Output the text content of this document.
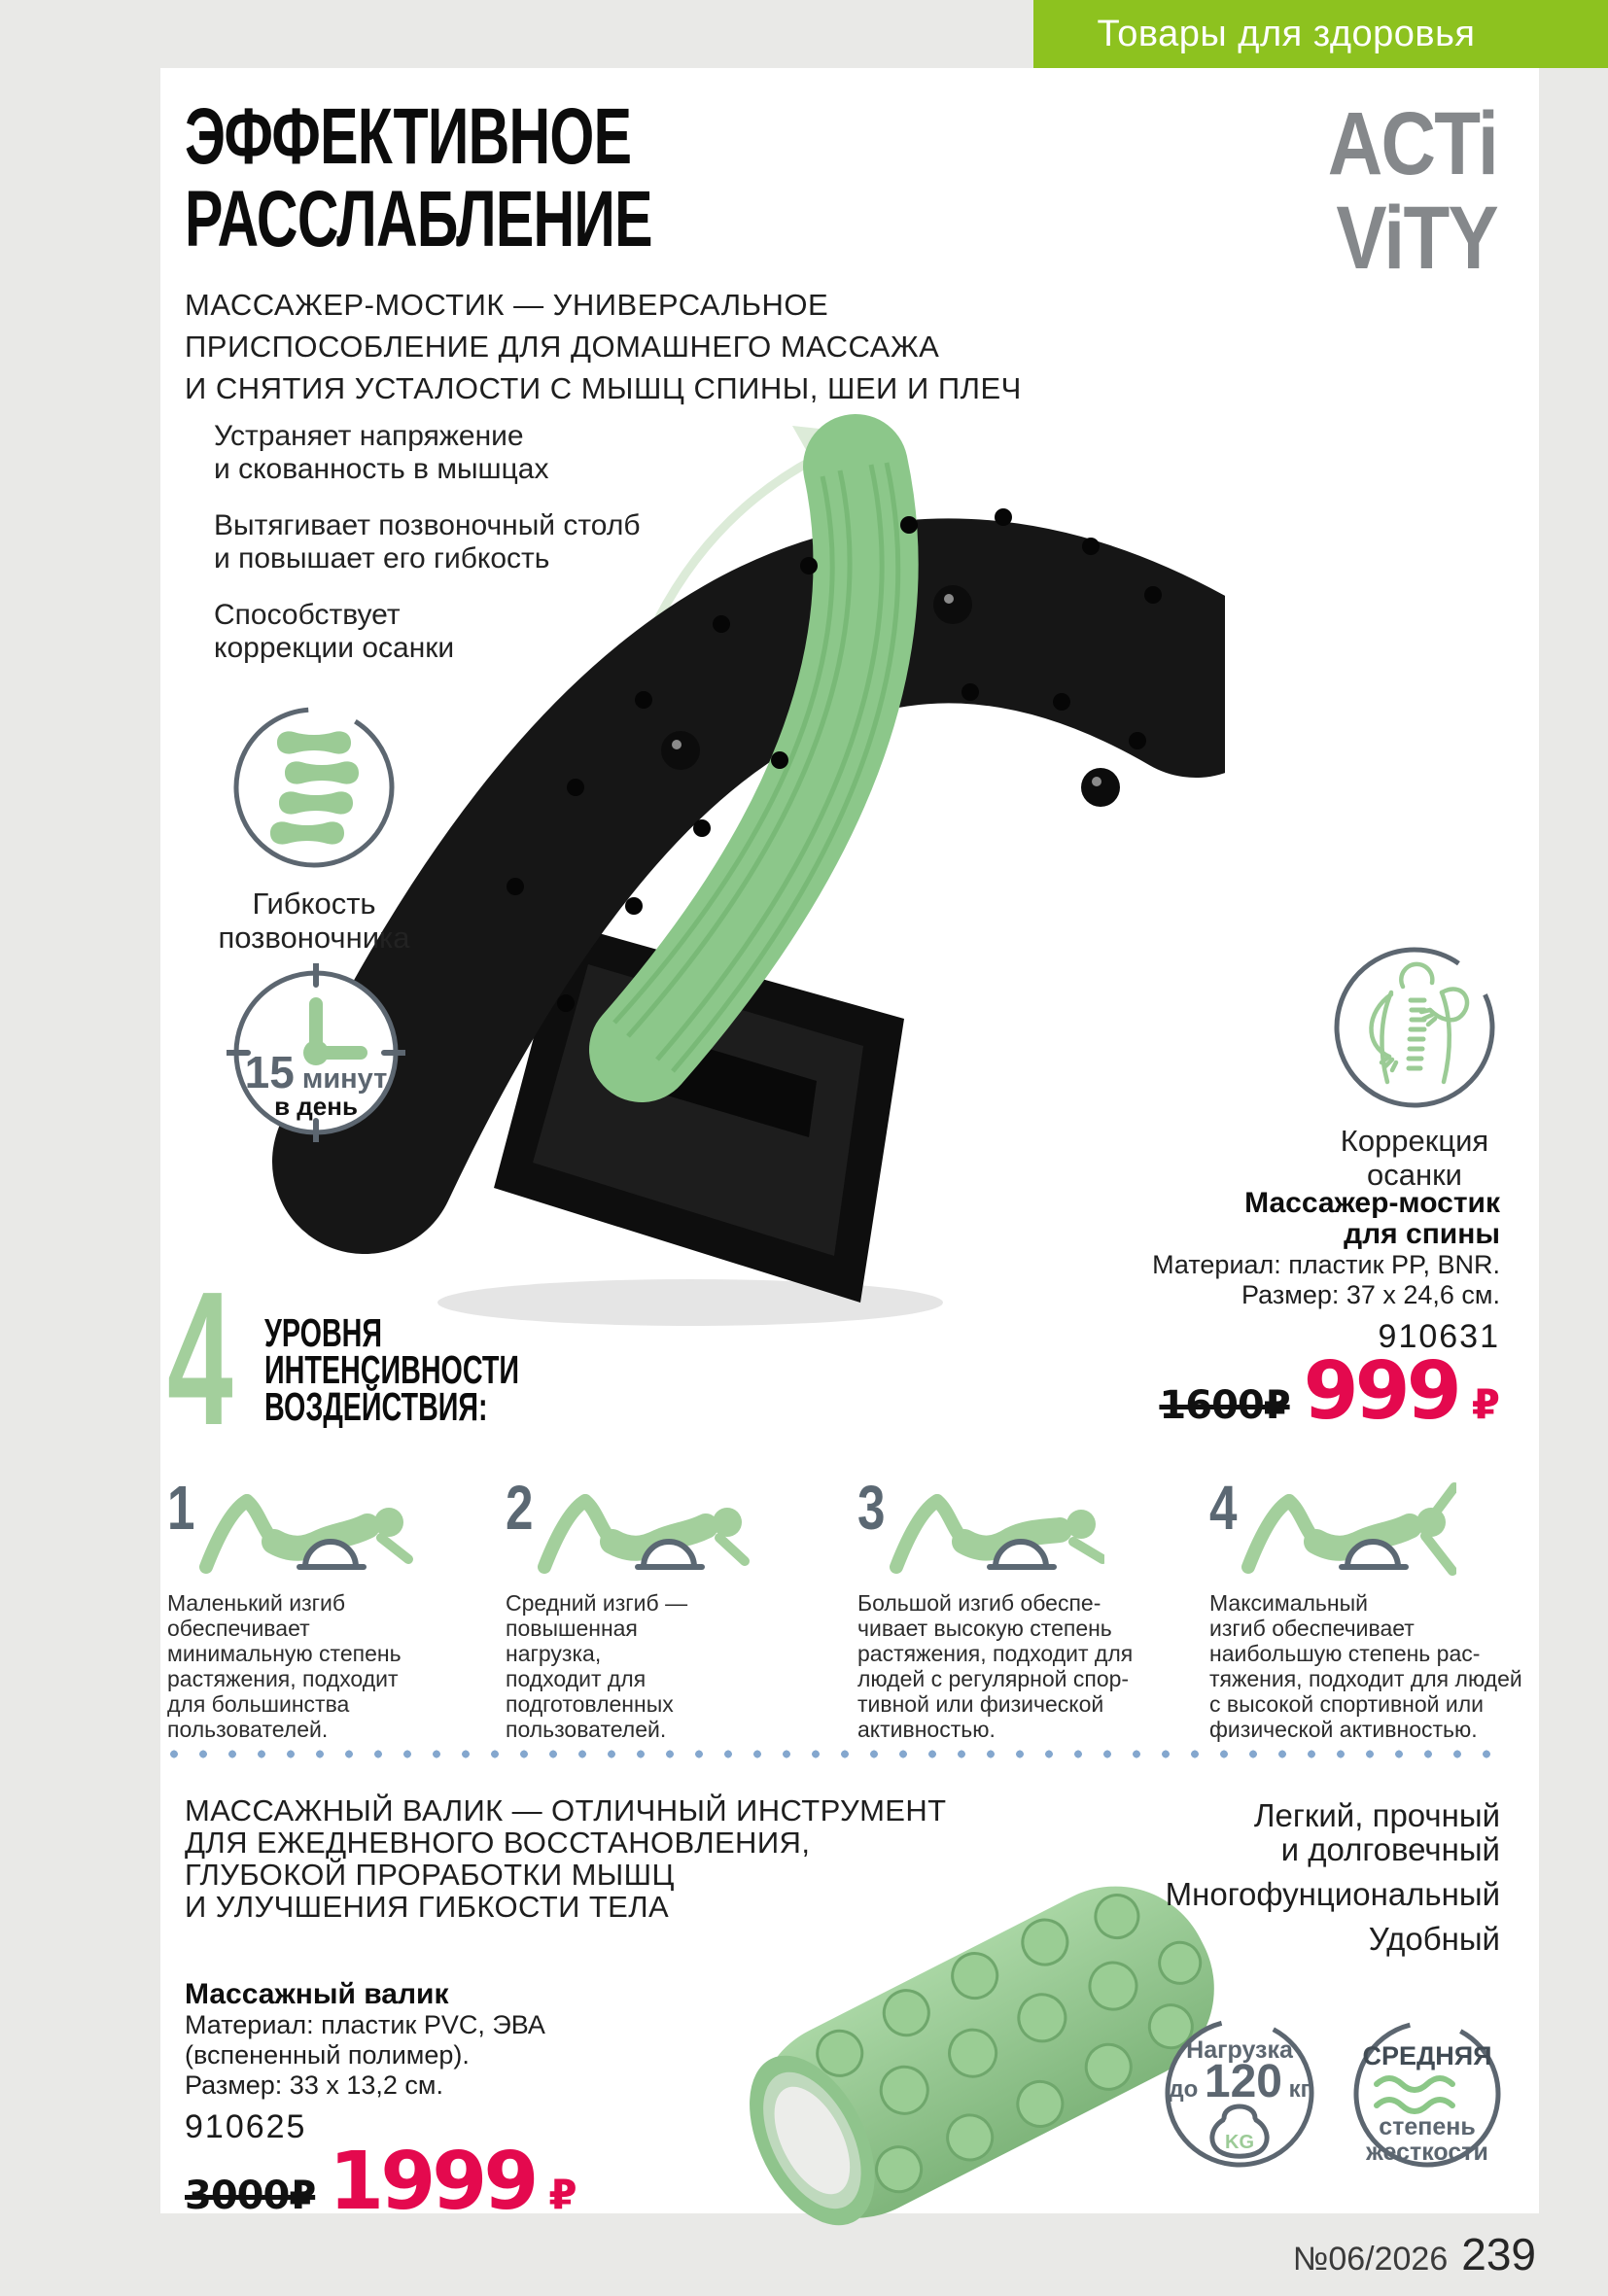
Товары для здоровья
ACTi
ViTY
ЭФФЕКТИВНОЕ
РАССЛАБЛЕНИЕ
МАССАЖЕР-МОСТИК — УНИВЕРСАЛЬНОЕ
ПРИСПОСОБЛЕНИЕ ДЛЯ ДОМАШНЕГО МАССАЖА
И СНЯТИЯ УСТАЛОСТИ С МЫШЦ СПИНЫ, ШЕИ И ПЛЕЧ

Устраняет напряжение
и скованность в мышцах

Вытягивает позвоночный столб
и повышает его гибкость

Способствует
коррекции осанки

Гибкость
позвоночника
15 минут
в день
Коррекция
осанки
Массажер-мостик
для спины
Материал: пластик PP, BNR.
Размер: 37 х 24,6 см.
910631
1600₽ 999 ₽
4 УРОВНЯ
ИНТЕНСИВНОСТИ
ВОЗДЕЙСТВИЯ:
1
Маленький изгиб
обеспечивает
минимальную степень
растяжения, подходит
для большинства
пользователей.
2
Средний изгиб —
повышенная
нагрузка,
подходит для
подготовленных
пользователей.
3
Большой изгиб обеспе-
чивает высокую степень
растяжения, подходит для
людей с регулярной спор-
тивной или физической
активностью.
4
Максимальный
изгиб обеспечивает
наибольшую степень рас-
тяжения, подходит для людей
с высокой спортивной или
физической активностью.
МАССАЖНЫЙ ВАЛИК — ОТЛИЧНЫЙ ИНСТРУМЕНТ
ДЛЯ ЕЖЕДНЕВНОГО ВОССТАНОВЛЕНИЯ,
ГЛУБОКОЙ ПРОРАБОТКИ МЫШЦ
И УЛУЧШЕНИЯ ГИБКОСТИ ТЕЛА
Массажный валик
Материал: пластик PVC, ЭВА
(вспененный полимер).
Размер: 33 х 13,2 см.
910625
3000₽ 1999 ₽

Легкий, прочный
и долговечный

Многофунциональный

Удобный

Нагрузка
до 120 кг
KG
СРЕДНЯЯ
степень
жесткости
№06/2026 239
